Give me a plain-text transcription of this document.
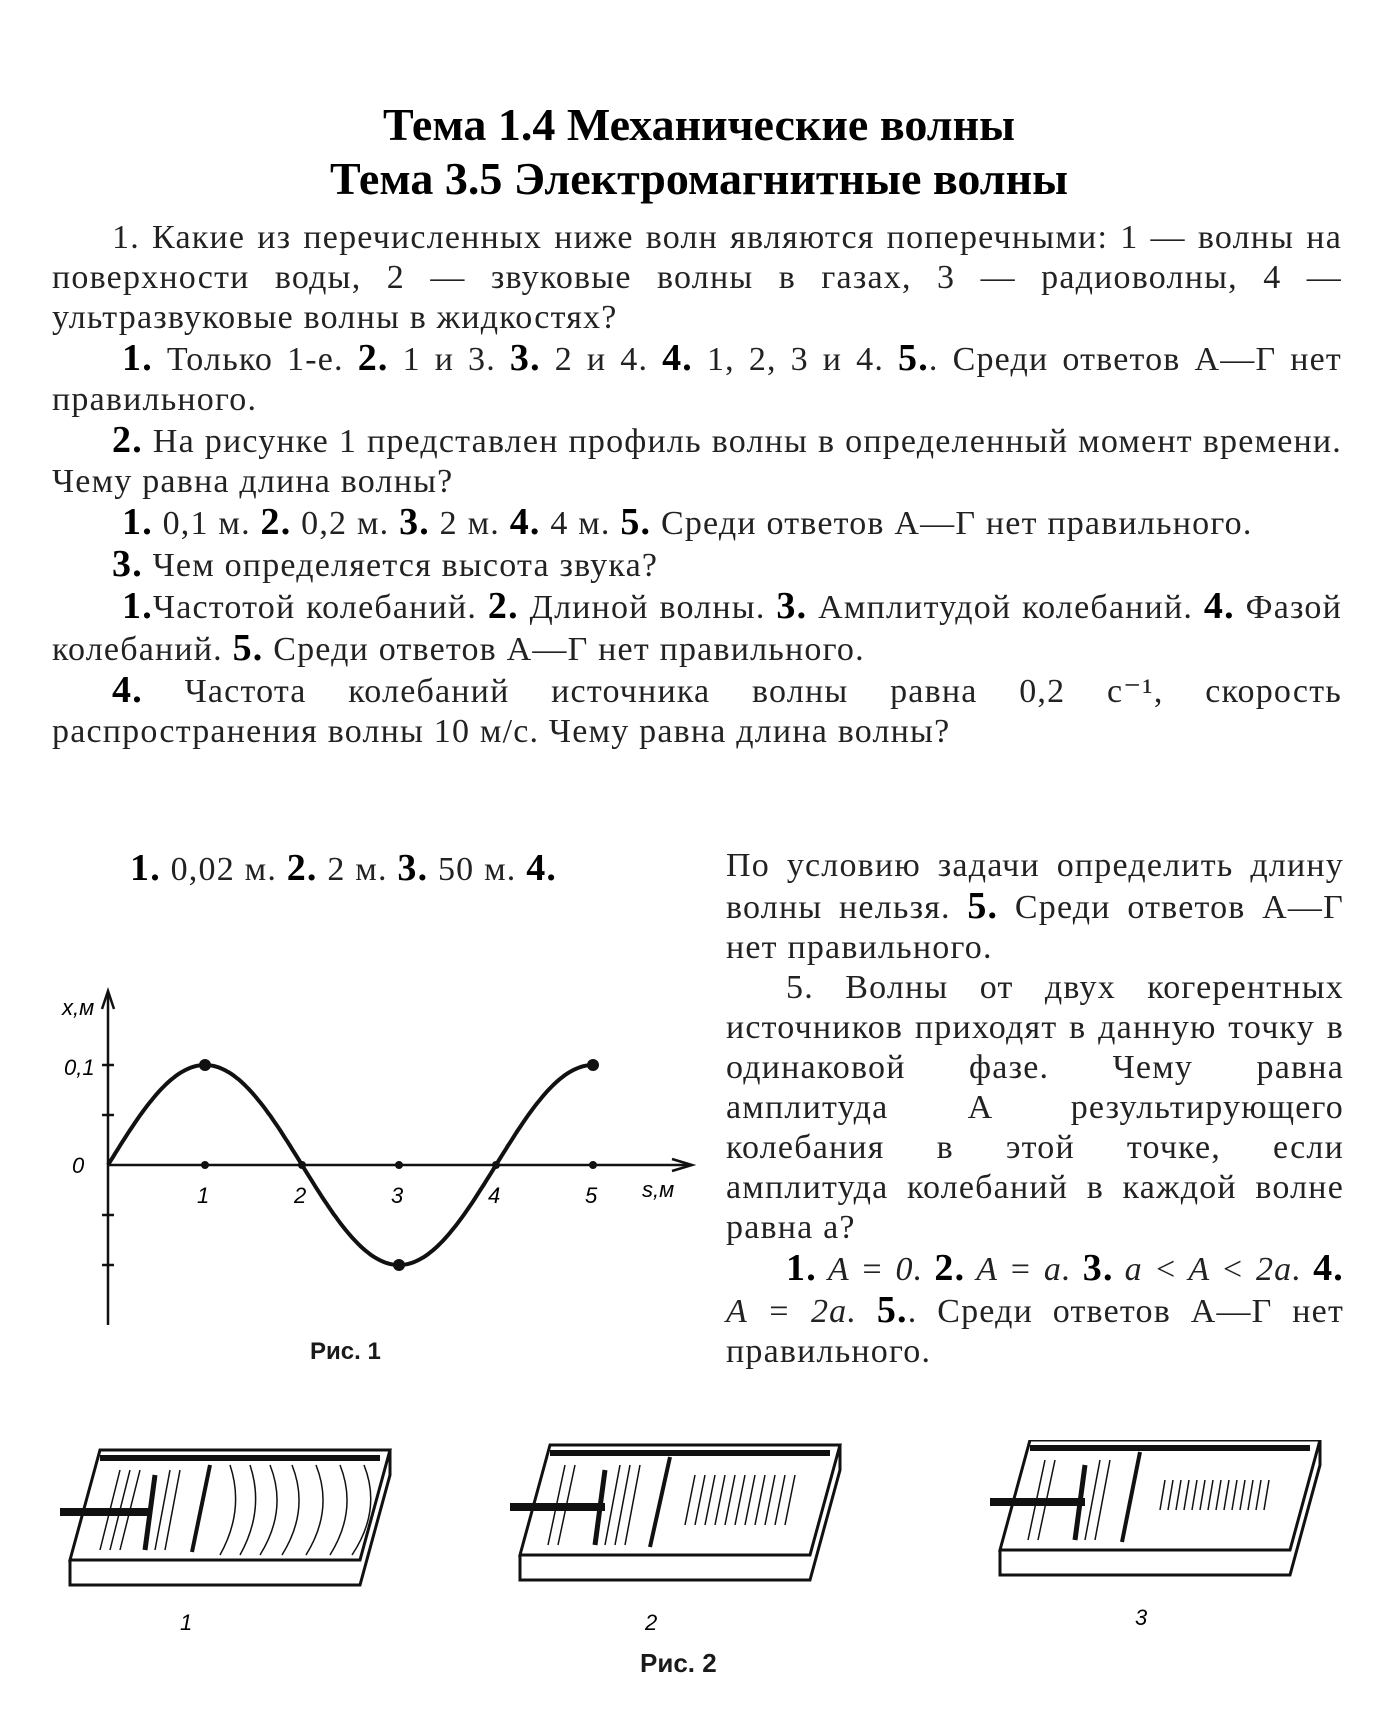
Тема 1.4 Механические волны
Тема 3.5 Электромагнитные волны

1. Какие из перечисленных ниже волн являются поперечными: 1 — волны на поверхности воды, 2 — звуковые волны в газах, 3 — радиоволны, 4 — ультразвуковые волны в жидкостях?

1. Только 1-е. 2. 1 и 3. 3. 2 и 4. 4. 1, 2, 3 и 4. 5.. Среди ответов А—Г нет правильного.

2. На рисунке 1 представлен профиль волны в определенный момент времени. Чему равна длина волны?

1. 0,1 м. 2. 0,2 м. 3. 2 м. 4. 4 м. 5. Среди ответов А—Г нет правильного.

3. Чем определяется высота звука?

1.Частотой колебаний. 2. Длиной волны. 3. Амплитудой колебаний. 4. Фазой колебаний. 5. Среди ответов А—Г нет правильного.

4. Частота колебаний источника волны равна 0,2 с⁻¹, скорость распространения волны 10 м/с. Чему равна длина волны?

1. 0,02 м. 2. 2 м. 3. 50 м. 4.	По условию задачи определить длину волны нельзя. 5. Среди ответов А—Г нет правильного.

5. Волны от двух когерентных источников приходят в данную точку в одинаковой фазе. Чему равна амплитуда A результирующего колебания в этой точке, если амплитуда колебаний в каждой волне равна a?

1. A = 0. 2. A = a. 3. a < A < 2a. 4. A = 2a. 5.. Среди ответов А—Г нет правильного.

x,м
0,1
0
1	2	3	4	5 s,м
Рис. 1
1	2	3
Рис. 2
